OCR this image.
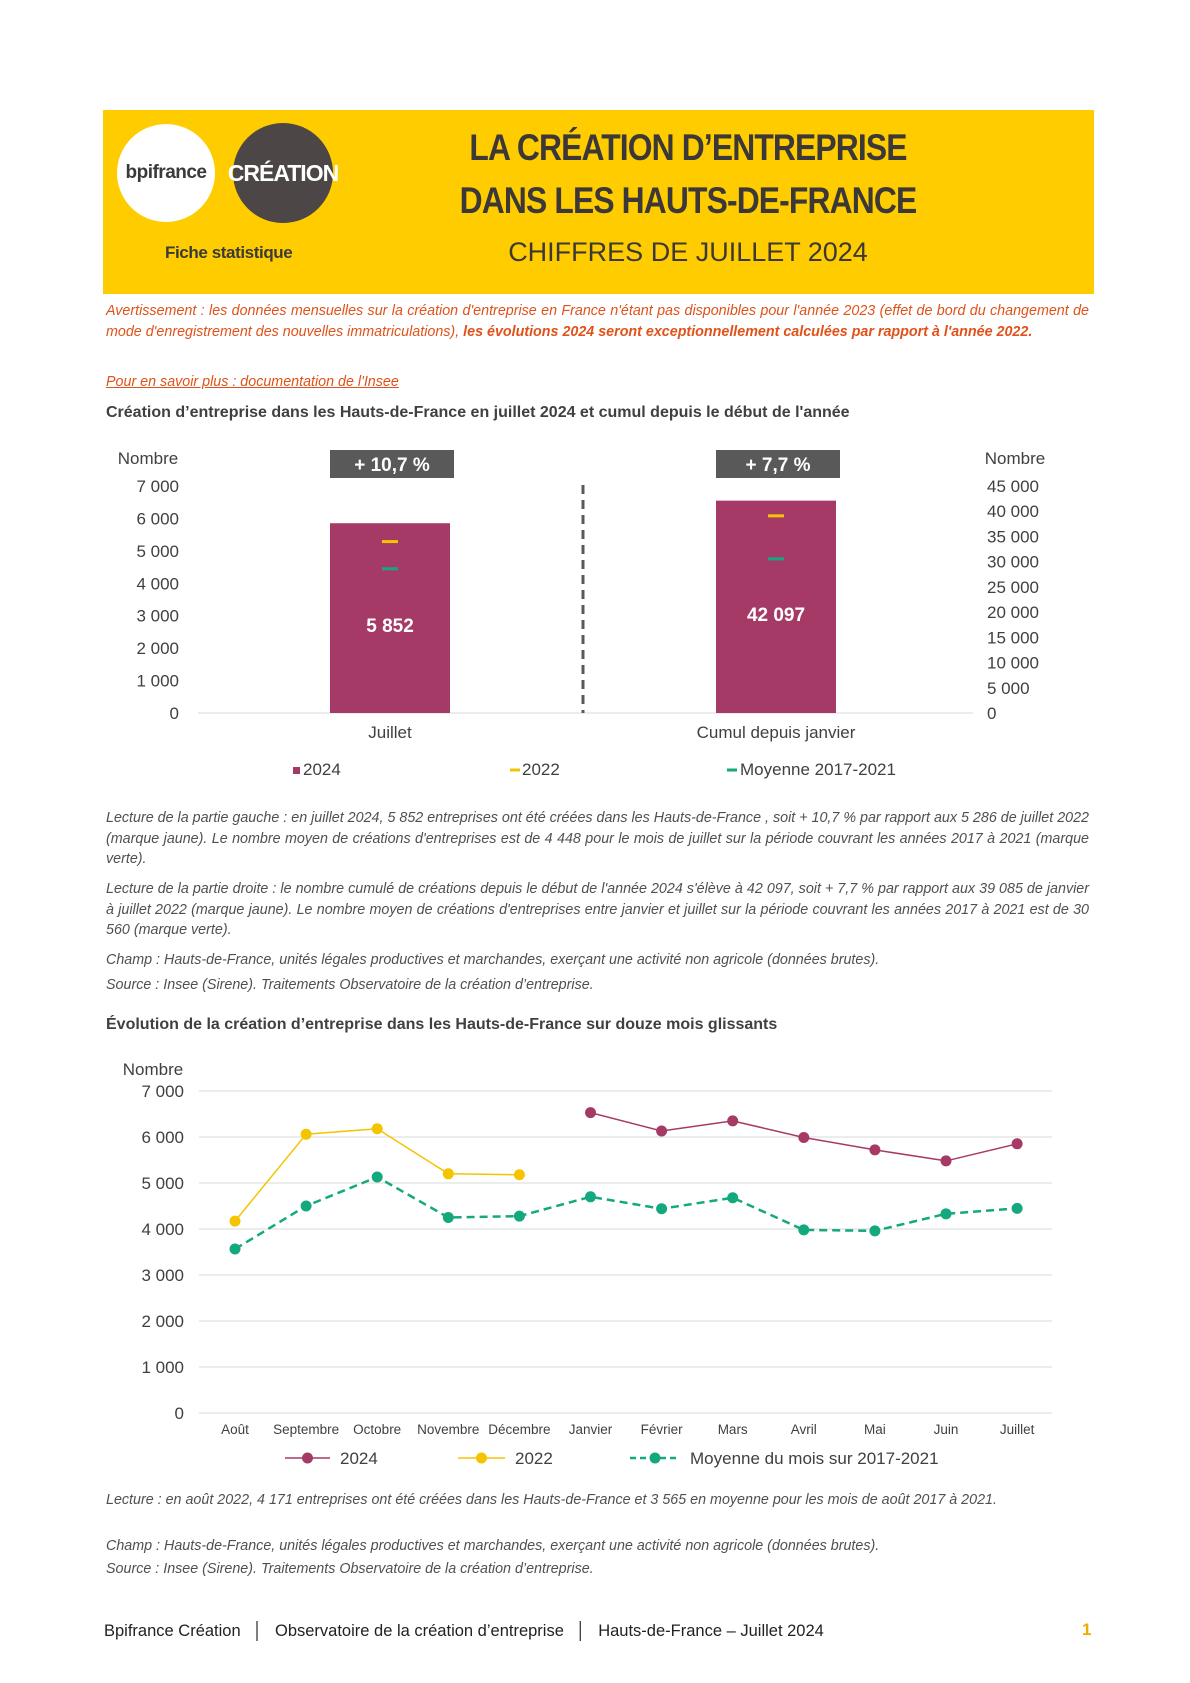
bpifrance CRÉATION
Fiche statistique
LA CRÉATION D’ENTREPRISE
DANS LES HAUTS-DE-FRANCE
CHIFFRES DE JUILLET 2024
Avertissement : les données mensuelles sur la création d'entreprise en France n'étant pas disponibles pour l'année 2023 (effet de bord du changement de mode d'enregistrement des nouvelles immatriculations), les évolutions 2024 seront exceptionnellement calculées par rapport à l'année 2022.
Pour en savoir plus : documentation de l'Insee
Création d’entreprise dans les Hauts-de-France en juillet 2024 et cumul depuis le début de l'année
Nombre	Nombre
0
1 000
2 000
3 000
4 000
5 000
6 000
7 000
0
5 000
10 000
15 000
20 000
25 000
30 000
35 000
40 000
45 000
5 852
+ 10,7 %
Juillet
42 097
+ 7,7 %
Cumul depuis janvier
2024	2022	Moyenne 2017-2021
Lecture de la partie gauche : en juillet 2024, 5 852 entreprises ont été créées dans les Hauts-de-France , soit + 10,7 % par rapport aux 5 286 de juillet 2022 (marque jaune). Le nombre moyen de créations d'entreprises est de 4 448 pour le mois de juillet sur la période couvrant les années 2017 à 2021 (marque verte).
Lecture de la partie droite : le nombre cumulé de créations depuis le début de l'année 2024 s'élève à 42 097, soit + 7,7 % par rapport aux 39 085 de janvier à juillet 2022 (marque jaune). Le nombre moyen de créations d'entreprises entre janvier et juillet sur la période couvrant les années 2017 à 2021 est de 30 560 (marque verte).
Champ : Hauts-de-France, unités légales productives et marchandes, exerçant une activité non agricole (données brutes).
Source : Insee (Sirene). Traitements Observatoire de la création d’entreprise.
Évolution de la création d’entreprise dans les Hauts-de-France sur douze mois glissants
Nombre
0
1 000
2 000
3 000
4 000
5 000
6 000
7 000
Août Septembre Octobre Novembre Décembre Janvier Février	Mars	Avril	Mai	Juin	Juillet
2024	2022	Moyenne du mois sur 2017-2021
Lecture : en août 2022, 4 171 entreprises ont été créées dans les Hauts-de-France et 3 565 en moyenne pour les mois de août 2017 à 2021.
Champ : Hauts-de-France, unités légales productives et marchandes, exerçant une activité non agricole (données brutes).
Source : Insee (Sirene). Traitements Observatoire de la création d’entreprise.
Bpifrance Création │ Observatoire de la création d’entreprise │ Hauts-de-France – Juillet 2024	1
